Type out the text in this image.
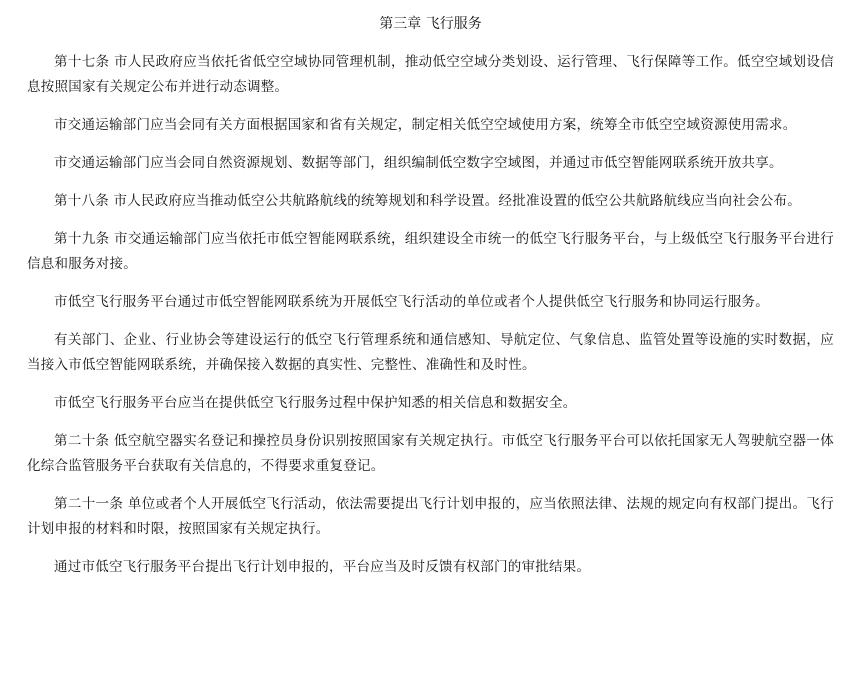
第三章 飞行服务

第十七条 市人民政府应当依托省低空空域协同管理机制，推动低空空域分类划设、运行管理、飞行保障等工作。低空空域划设信息按照国家有关规定公布并进行动态调整。

市交通运输部门应当会同有关方面根据国家和省有关规定，制定相关低空空域使用方案，统筹全市低空空域资源使用需求。

市交通运输部门应当会同自然资源规划、数据等部门，组织编制低空数字空域图，并通过市低空智能网联系统开放共享。

第十八条 市人民政府应当推动低空公共航路航线的统筹规划和科学设置。经批准设置的低空公共航路航线应当向社会公布。

第十九条 市交通运输部门应当依托市低空智能网联系统，组织建设全市统一的低空飞行服务平台，与上级低空飞行服务平台进行信息和服务对接。

市低空飞行服务平台通过市低空智能网联系统为开展低空飞行活动的单位或者个人提供低空飞行服务和协同运行服务。

有关部门、企业、行业协会等建设运行的低空飞行管理系统和通信感知、导航定位、气象信息、监管处置等设施的实时数据，应当接入市低空智能网联系统，并确保接入数据的真实性、完整性、准确性和及时性。

市低空飞行服务平台应当在提供低空飞行服务过程中保护知悉的相关信息和数据安全。

第二十条 低空航空器实名登记和操控员身份识别按照国家有关规定执行。市低空飞行服务平台可以依托国家无人驾驶航空器一体化综合监管服务平台获取有关信息的，不得要求重复登记。

第二十一条 单位或者个人开展低空飞行活动，依法需要提出飞行计划申报的，应当依照法律、法规的规定向有权部门提出。飞行计划申报的材料和时限，按照国家有关规定执行。

通过市低空飞行服务平台提出飞行计划申报的，平台应当及时反馈有权部门的审批结果。
